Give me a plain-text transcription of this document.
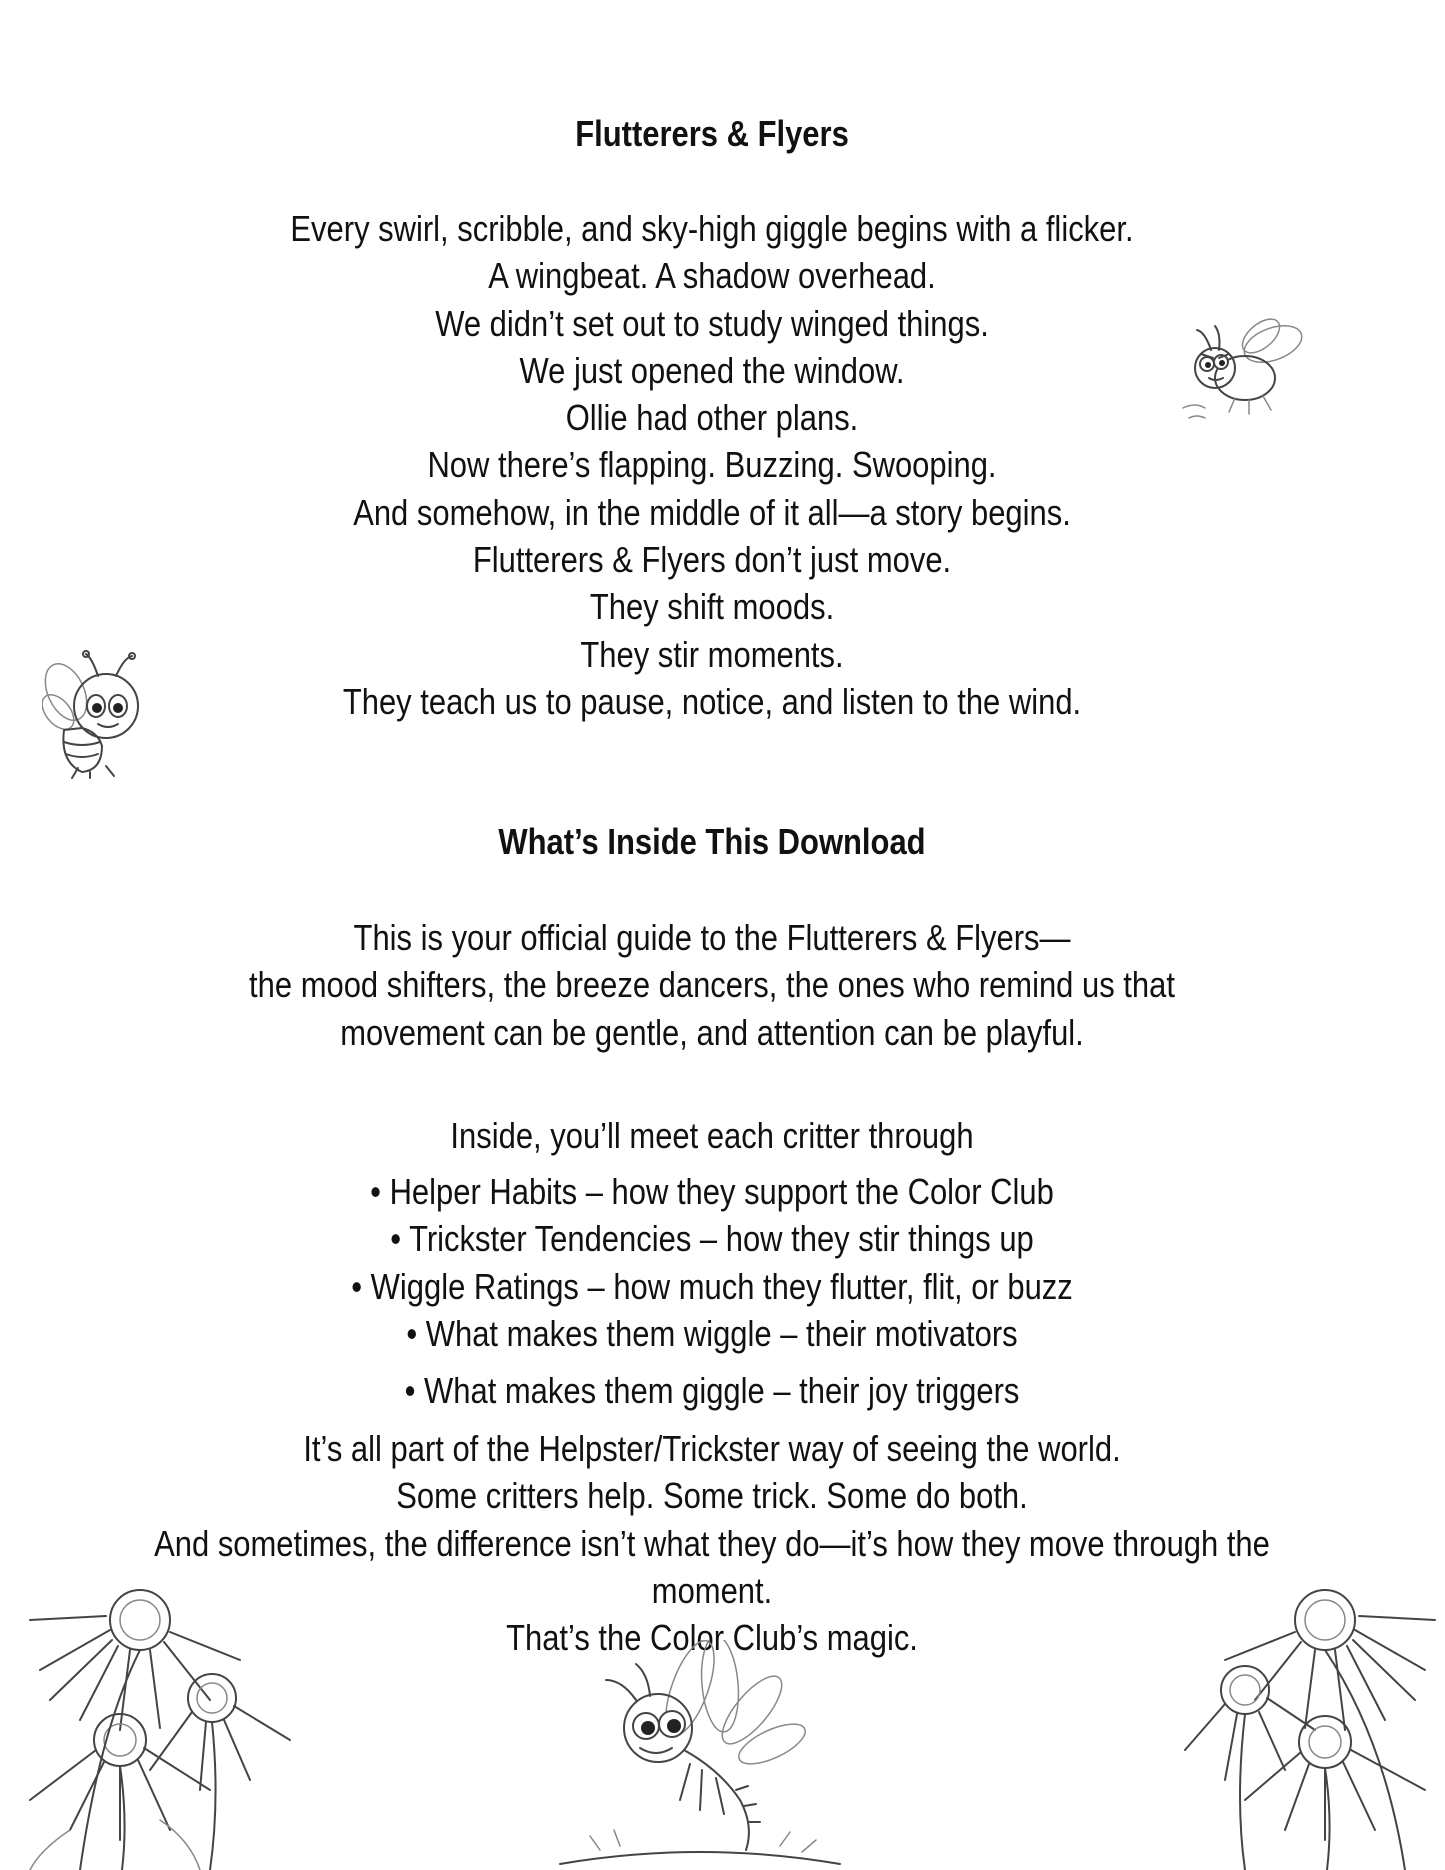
Flutterers & Flyers
Every swirl, scribble, and sky-high giggle begins with a flicker.
A wingbeat. A shadow overhead.
We didn’t set out to study winged things.
We just opened the window.
Ollie had other plans.
Now there’s flapping. Buzzing. Swooping.
And somehow, in the middle of it all—a story begins.
Flutterers & Flyers don’t just move.
They shift moods.
They stir moments.
They teach us to pause, notice, and listen to the wind.
What’s Inside This Download
This is your official guide to the Flutterers & Flyers—
the mood shifters, the breeze dancers, the ones who remind us that
movement can be gentle, and attention can be playful.
Inside, you’ll meet each critter through
• Helper Habits – how they support the Color Club
• Trickster Tendencies – how they stir things up
• Wiggle Ratings – how much they flutter, flit, or buzz
• What makes them wiggle – their motivators
• What makes them giggle – their joy triggers
It’s all part of the Helpster/Trickster way of seeing the world.
Some critters help. Some trick. Some do both.
And sometimes, the difference isn’t what they do—it’s how they move through the moment.
That’s the Color Club’s magic.
